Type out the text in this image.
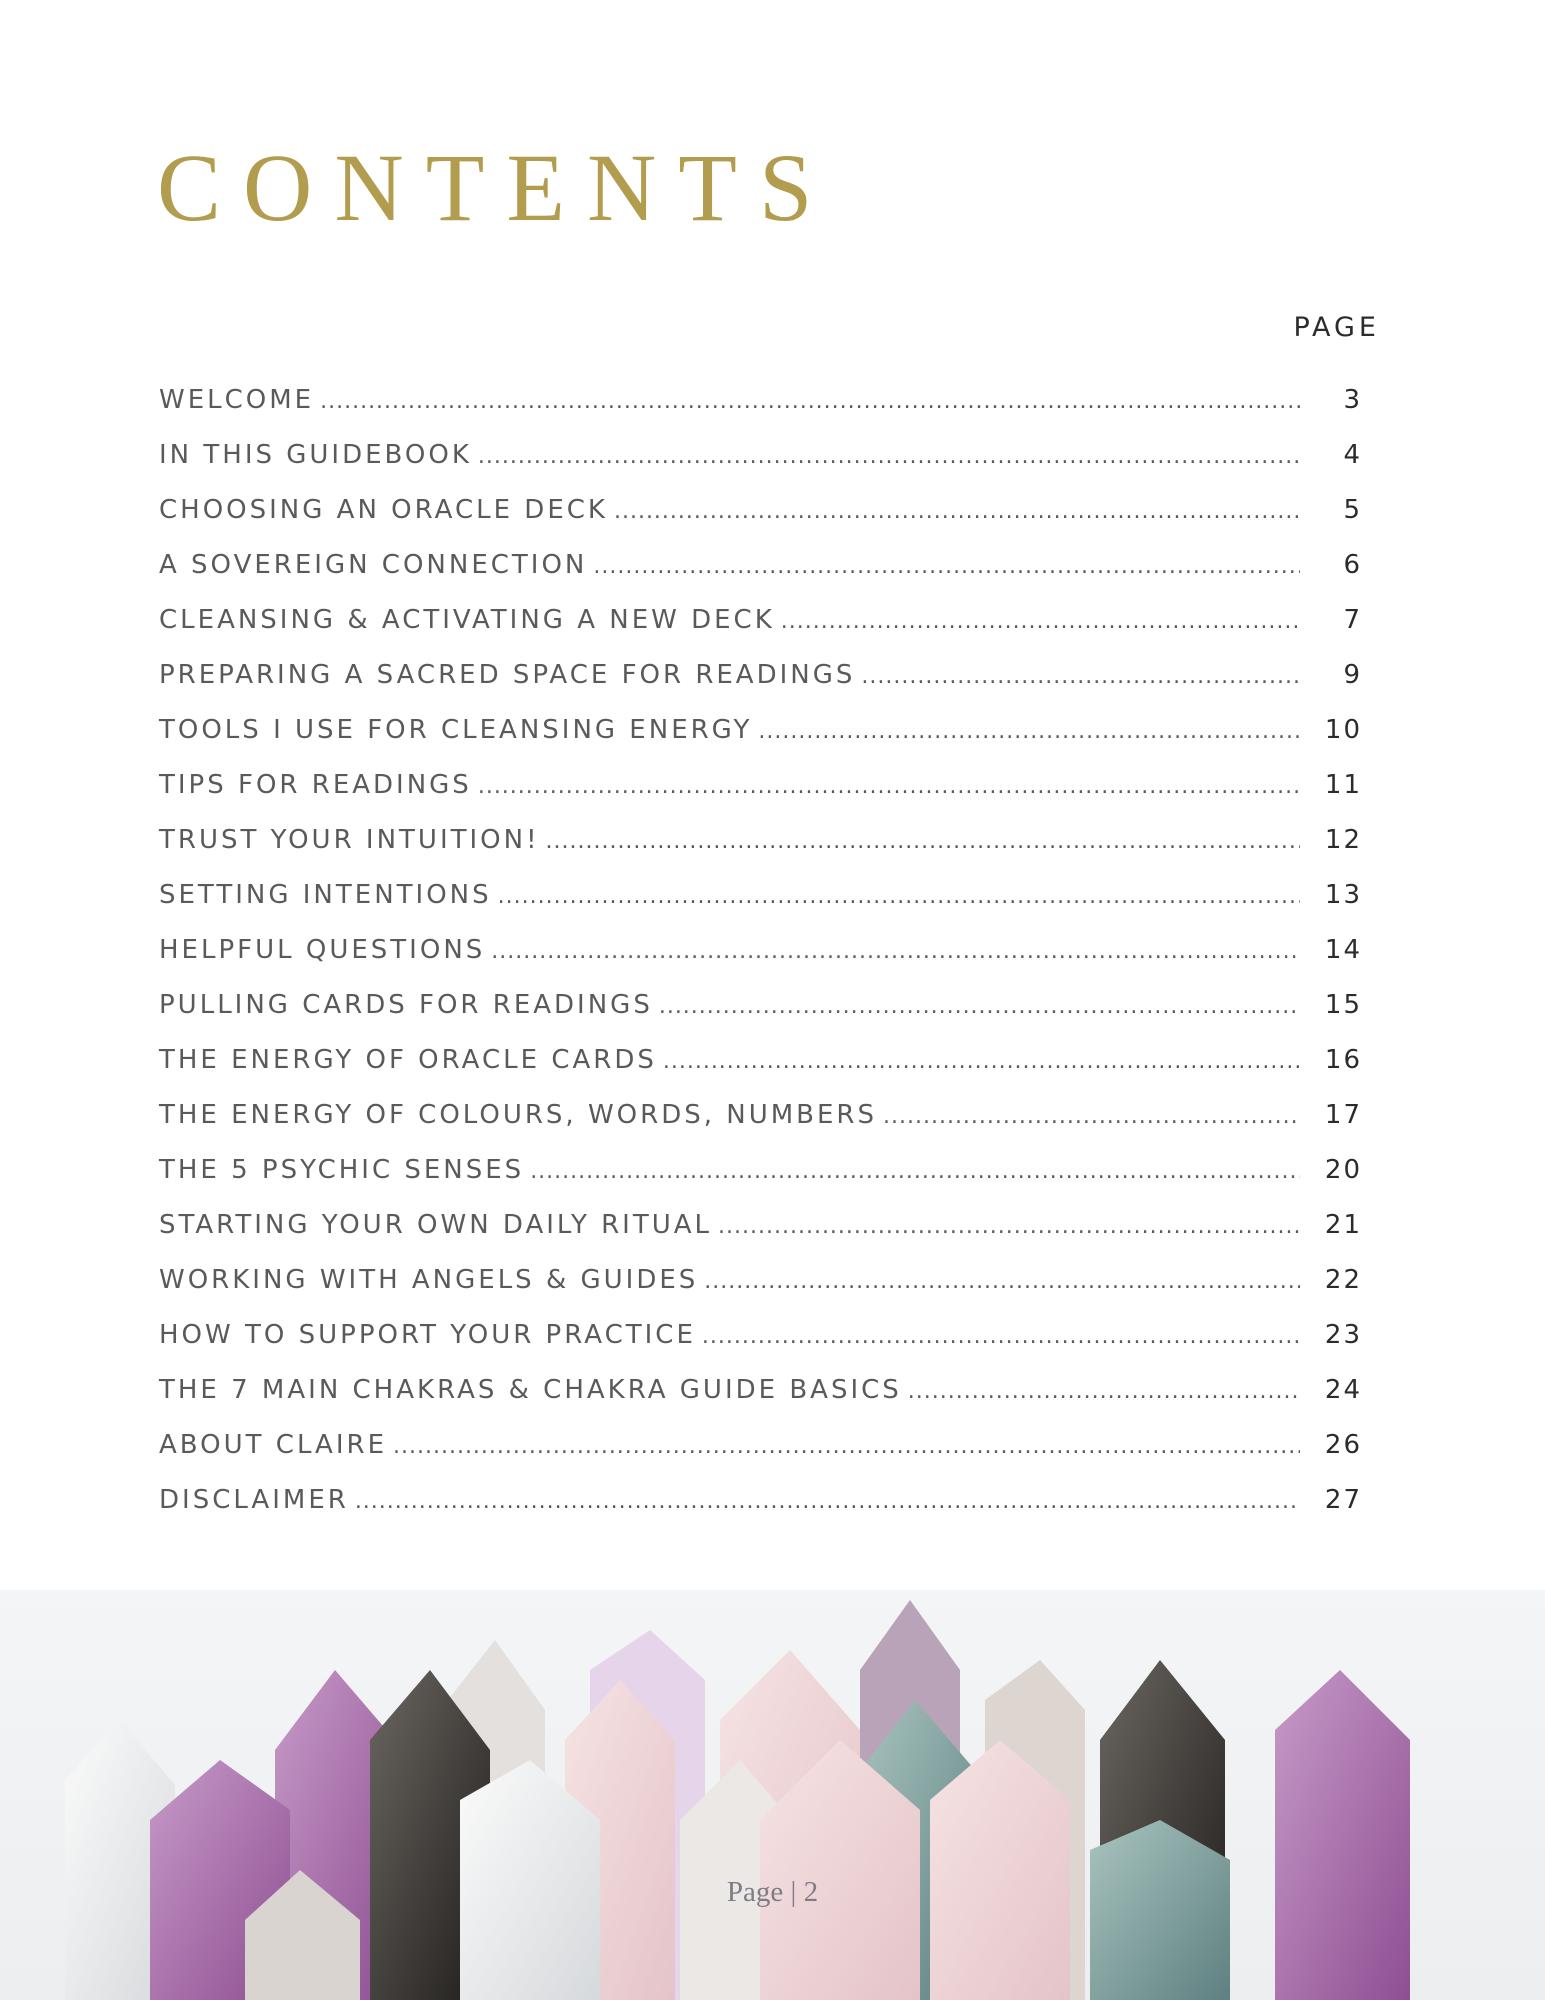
CONTENTS
PAGE
WELCOME .....	3
IN THIS GUIDEBOOK .....	4
CHOOSING AN ORACLE DECK .....	5
A SOVEREIGN CONNECTION .....	6
CLEANSING & ACTIVATING A NEW DECK .....	7
PREPARING A SACRED SPACE FOR READINGS .....	9
TOOLS I USE FOR CLEANSING ENERGY .....	10
TIPS FOR READINGS .....	11
TRUST YOUR INTUITION! .....	12
SETTING INTENTIONS .....	13
HELPFUL QUESTIONS .....	14
PULLING CARDS FOR READINGS .....	15
THE ENERGY OF ORACLE CARDS .....	16
THE ENERGY OF COLOURS, WORDS, NUMBERS .....	17
THE 5 PSYCHIC SENSES .....	20
STARTING YOUR OWN DAILY RITUAL .....	21
WORKING WITH ANGELS & GUIDES .....	22
HOW TO SUPPORT YOUR PRACTICE .....	23
THE 7 MAIN CHAKRAS & CHAKRA GUIDE BASICS .....	24
ABOUT CLAIRE .....	26
DISCLAIMER .....	27
Page | 2
